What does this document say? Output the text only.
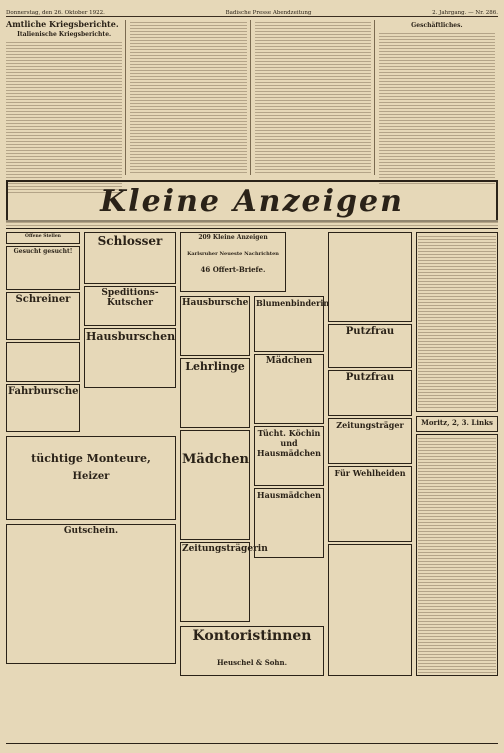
Donnerstag, den 26. Oktober 1922.	Badische Presse Abendzeitung	2. Jahrgang. — Nr. 286.
Amtliche Kriegsberichte.
Italienische Kriegsberichte.
Geschäftliches.
Kleine Anzeigen
Offene Stellen
Gesucht gesucht!
Schreiner
Fahrbursche
Schlosser
Speditions-Kutscher
Hausburschen
tüchtige Monteure,
Heizer
Gutschein.
209 Kleine Anzeigen
Karlsruher Neueste Nachrichten
46 Offert-Briefe.
Hausbursche
Lehrlinge
Mädchen
Zeitungsträgerin
Blumenbinderin
Mädchen
Tücht. Köchin und Hausmädchen
Hausmädchen
Kontoristinnen
Heuschel & Sohn.
Putzfrau
Putzfrau
Zeitungsträger
Für Wehlheiden
Moritz, 2, 3. Links
